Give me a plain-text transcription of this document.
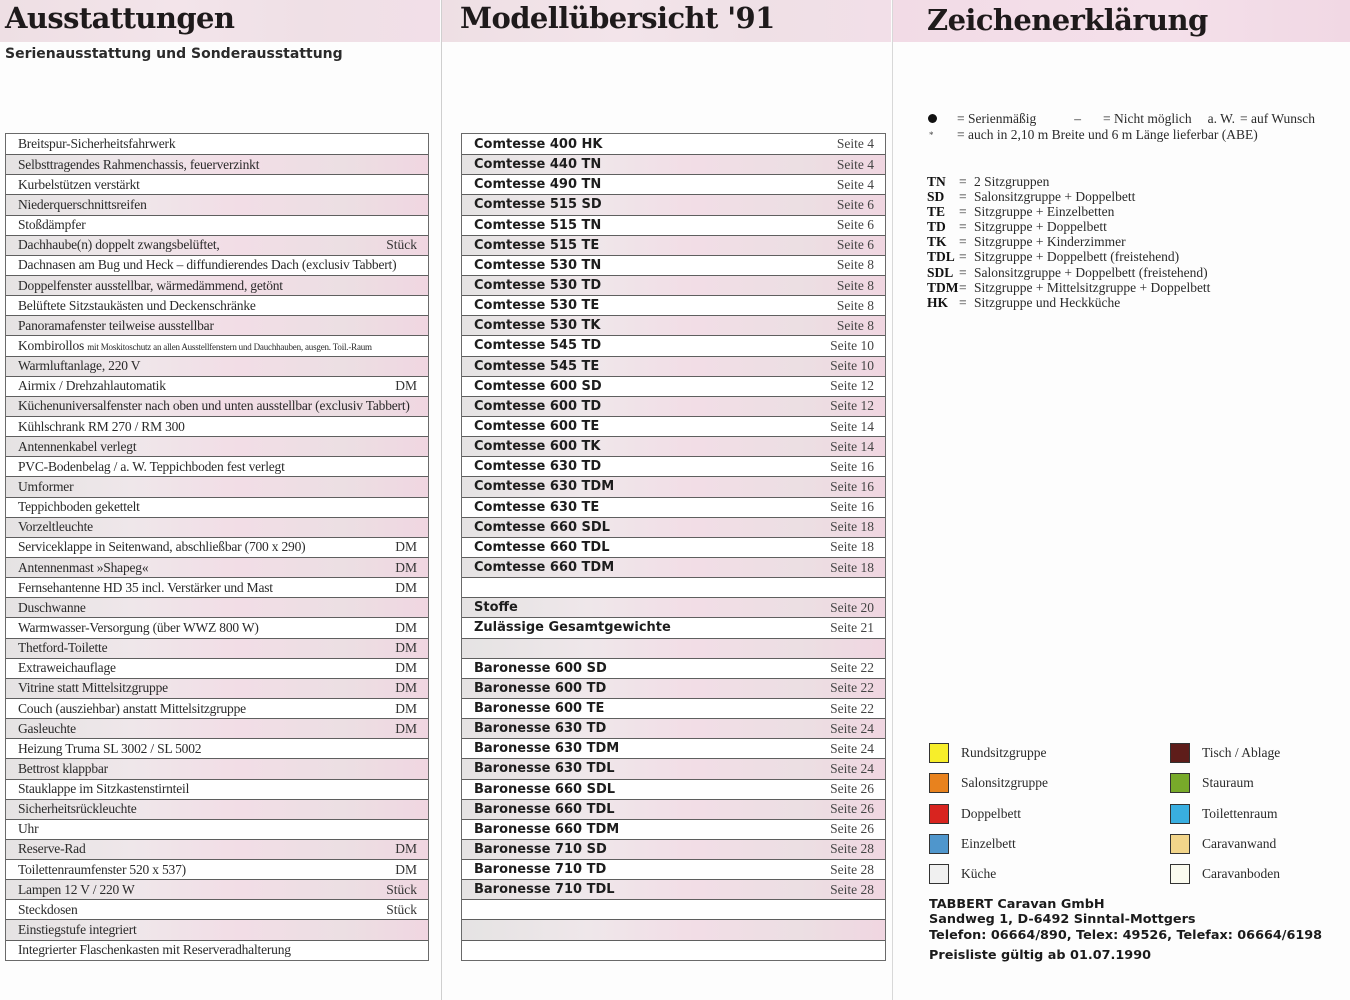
Ausstattungen
Serienausstattung und Sonderausstattung
Breitspur-Sicherheitsfahrwerk
Selbsttragendes Rahmenchassis, feuerverzinkt
Kurbelstützen verstärkt
Niederquerschnittsreifen
Stoßdämpfer
Dachhaube(n) doppelt zwangsbelüftet,	Stück
Dachnasen am Bug und Heck – diffundierendes Dach (exclusiv Tabbert)
Doppelfenster ausstellbar, wärmedämmend, getönt
Belüftete Sitzstaukästen und Deckenschränke
Panoramafenster teilweise ausstellbar
Kombirollos mit Moskitoschutz an allen Ausstellfenstern und Dauchhauben, ausgen. Toil.-Raum
Warmluftanlage, 220 V
Airmix / Drehzahlautomatik	DM
Küchenuniversalfenster nach oben und unten ausstellbar (exclusiv Tabbert)
Kühlschrank RM 270 / RM 300
Antennenkabel verlegt
PVC-Bodenbelag / a. W. Teppichboden fest verlegt
Umformer
Teppichboden gekettelt
Vorzeltleuchte
Serviceklappe in Seitenwand, abschließbar (700 x 290)	DM
Antennenmast »Shapeg«	DM
Fernsehantenne HD 35 incl. Verstärker und Mast	DM
Duschwanne
Warmwasser-Versorgung (über WWZ 800 W)	DM
Thetford-Toilette	DM
Extraweichauflage	DM
Vitrine statt Mittelsitzgruppe	DM
Couch (ausziehbar) anstatt Mittelsitzgruppe	DM
Gasleuchte	DM
Heizung Truma SL 3002 / SL 5002
Bettrost klappbar
Stauklappe im Sitzkastenstirnteil
Sicherheitsrückleuchte
Uhr
Reserve-Rad	DM
Toilettenraumfenster 520 x 537)	DM
Lampen 12 V / 220 W	Stück
Steckdosen	Stück
Einstiegstufe integriert
Integrierter Flaschenkasten mit Reserveradhalterung
Modellübersicht '91
Comtesse 400 HK	Seite 4
Comtesse 440 TN	Seite 4
Comtesse 490 TN	Seite 4
Comtesse 515 SD	Seite 6
Comtesse 515 TN	Seite 6
Comtesse 515 TE	Seite 6
Comtesse 530 TN	Seite 8
Comtesse 530 TD	Seite 8
Comtesse 530 TE	Seite 8
Comtesse 530 TK	Seite 8
Comtesse 545 TD	Seite 10
Comtesse 545 TE	Seite 10
Comtesse 600 SD	Seite 12
Comtesse 600 TD	Seite 12
Comtesse 600 TE	Seite 14
Comtesse 600 TK	Seite 14
Comtesse 630 TD	Seite 16
Comtesse 630 TDM	Seite 16
Comtesse 630 TE	Seite 16
Comtesse 660 SDL	Seite 18
Comtesse 660 TDL	Seite 18
Comtesse 660 TDM	Seite 18
Stoffe	Seite 20
Zulässige Gesamtgewichte	Seite 21
Baronesse 600 SD	Seite 22
Baronesse 600 TD	Seite 22
Baronesse 600 TE	Seite 22
Baronesse 630 TD	Seite 24
Baronesse 630 TDM	Seite 24
Baronesse 630 TDL	Seite 24
Baronesse 660 SDL	Seite 26
Baronesse 660 TDL	Seite 26
Baronesse 660 TDM	Seite 26
Baronesse 710 SD	Seite 28
Baronesse 710 TD	Seite 28
Baronesse 710 TDL	Seite 28
Zeichenerklärung
= Serienmäßig	– = Nicht möglich a. W. = auf Wunsch
*	= auch in 2,10 m Breite und 6 m Länge lieferbar (ABE)
TN = 2 Sitzgruppen
SD	= Salonsitzgruppe + Doppelbett
TE	= Sitzgruppe + Einzelbetten
TD = Sitzgruppe + Doppelbett
TK = Sitzgruppe + Kinderzimmer
TDL = Sitzgruppe + Doppelbett (freistehend)
SDL = Salonsitzgruppe + Doppelbett (freistehend)
TDM = Sitzgruppe + Mittelsitzgruppe + Doppelbett
HK = Sitzgruppe und Heckküche
Rundsitzgruppe
Salonsitzgruppe
Doppelbett
Einzelbett
Küche
Tisch / Ablage
Stauraum
Toilettenraum
Caravanwand
Caravanboden
TABBERT Caravan GmbH
Sandweg 1, D-6492 Sinntal-Mottgers
Telefon: 06664/890, Telex: 49526, Telefax: 06664/6198
Preisliste gültig ab 01.07.1990
